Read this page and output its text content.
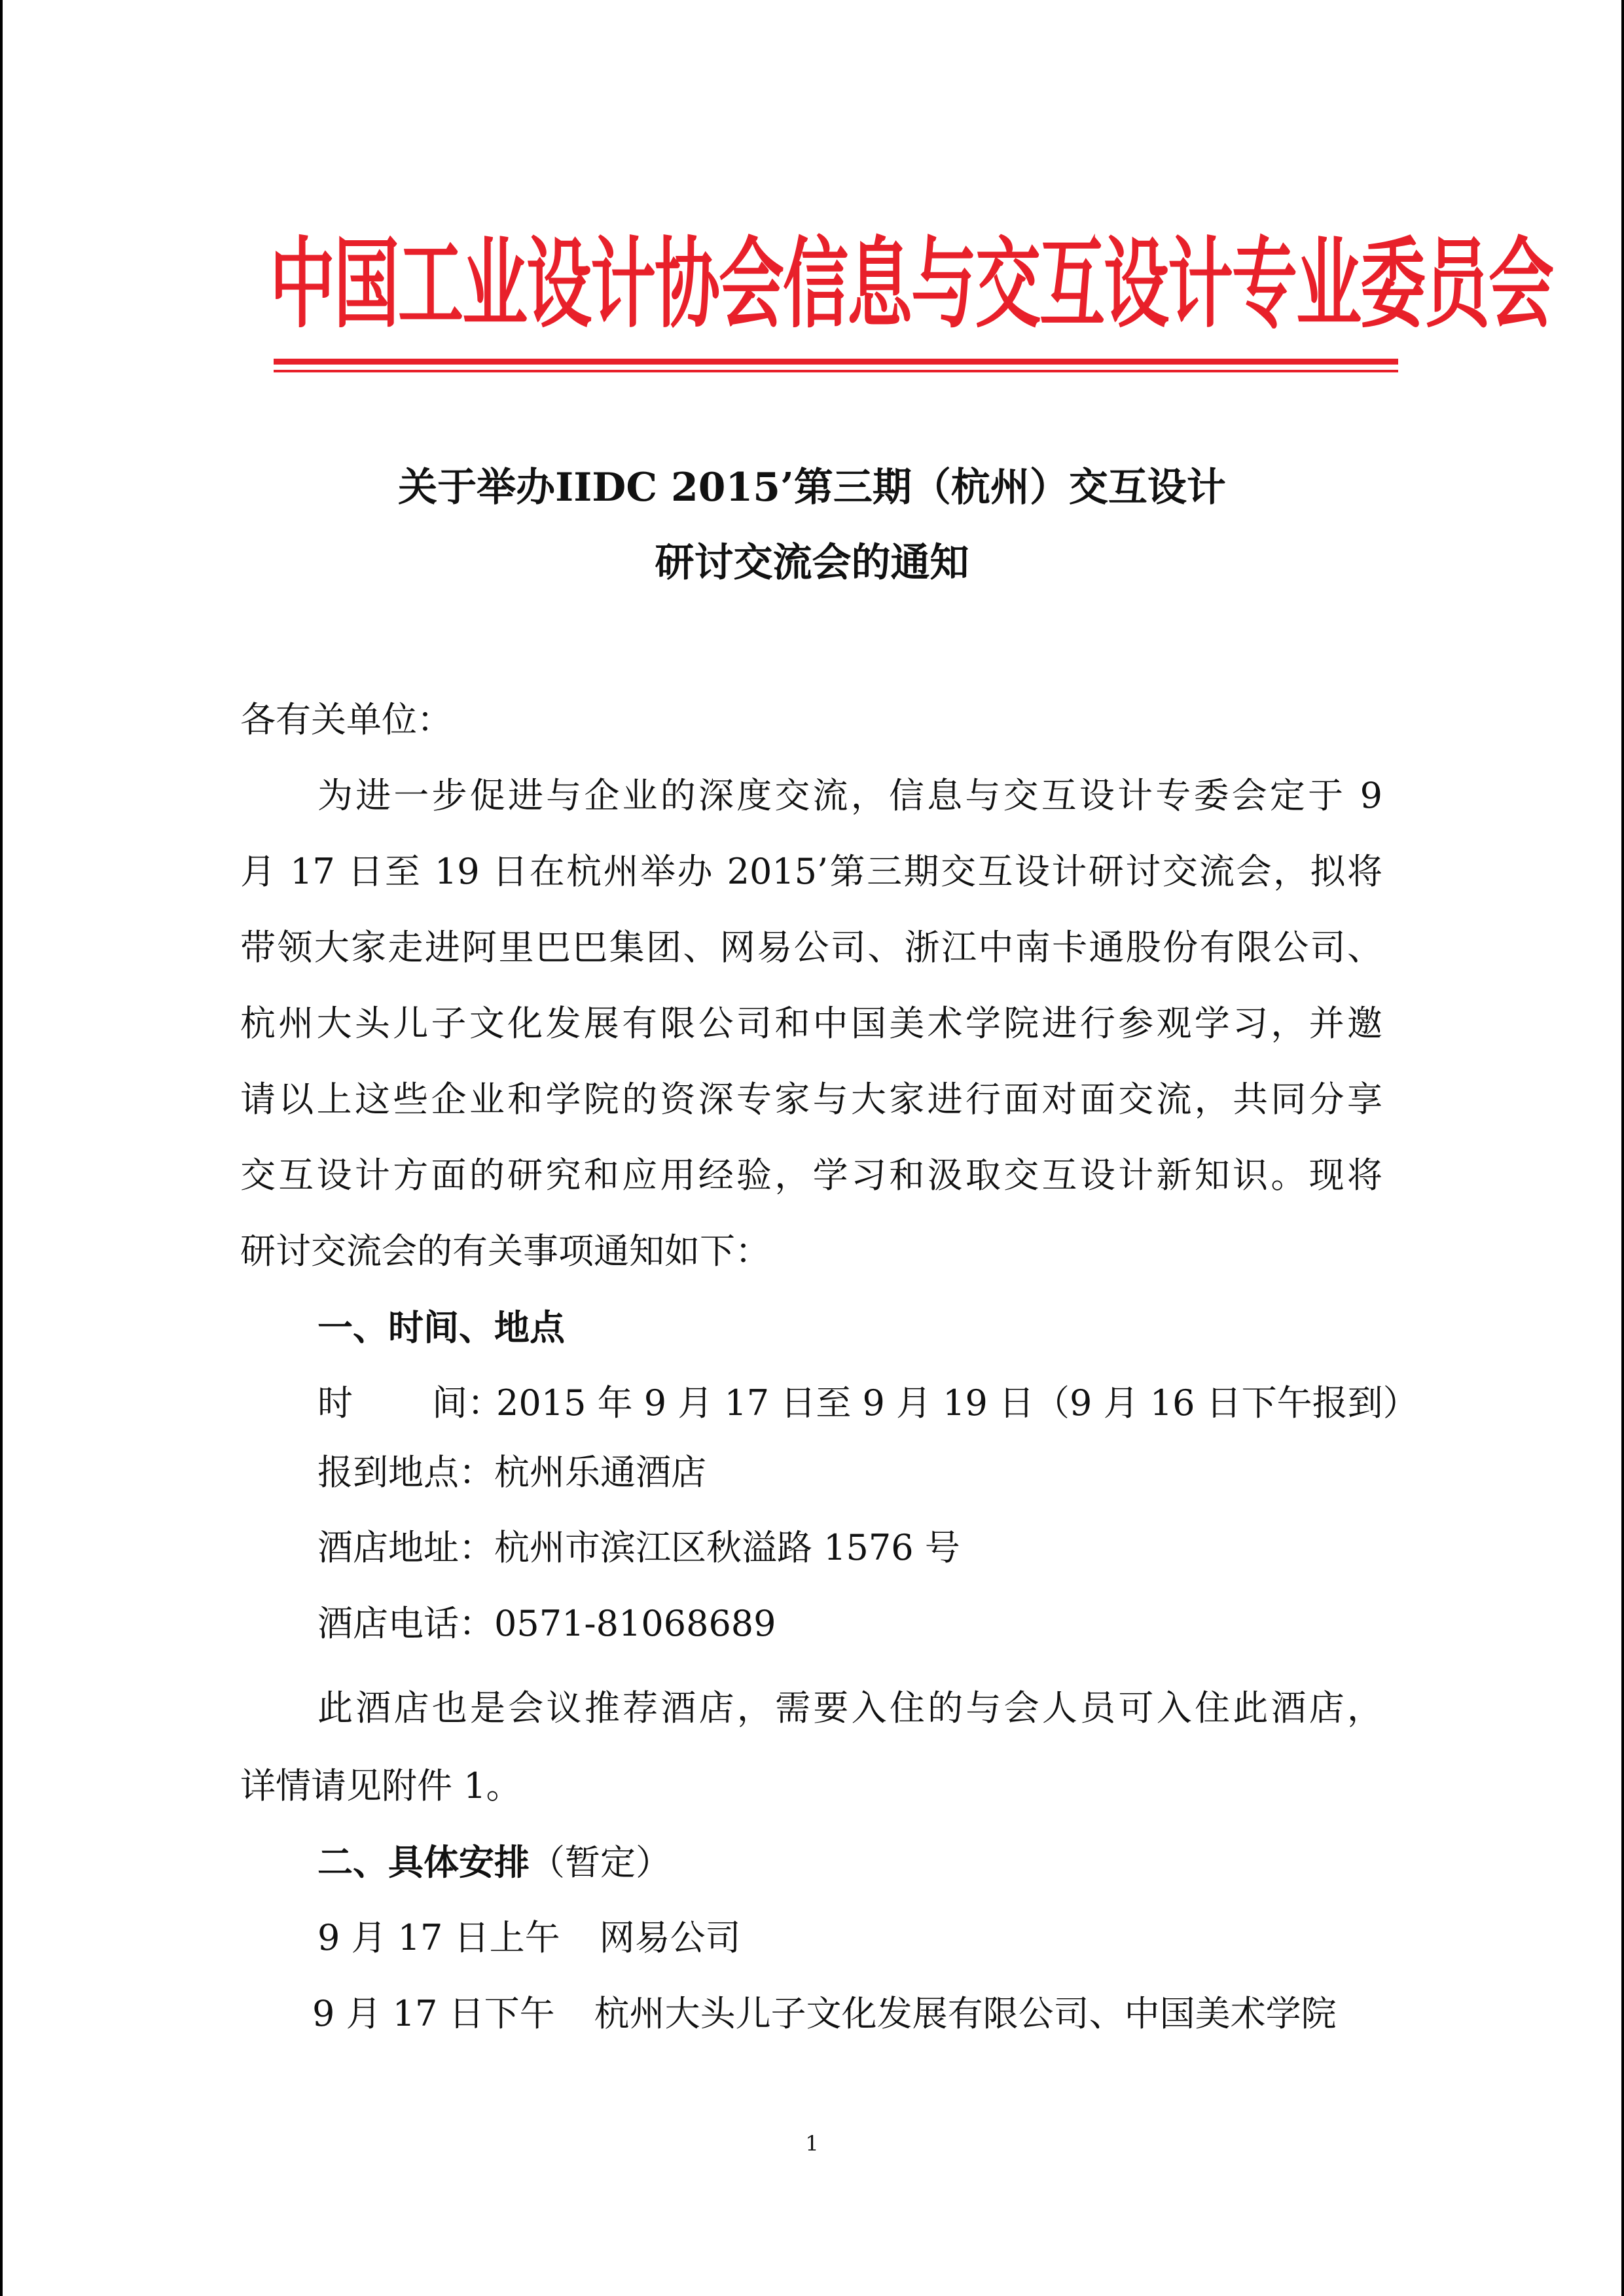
中国工业设计协会信息与交互设计专业委员会
关于举办IIDC 2015’第三期（杭州）交互设计
研讨交流会的通知
各有关单位：
为进一步促进与企业的深度交流，信息与交互设计专委会定于 9
月 17 日至 19 日在杭州举办 2015’第三期交互设计研讨交流会，拟将
带领大家走进阿里巴巴集团、网易公司、浙江中南卡通股份有限公司、
杭州大头儿子文化发展有限公司和中国美术学院进行参观学习，并邀
请以上这些企业和学院的资深专家与大家进行面对面交流，共同分享
交互设计方面的研究和应用经验，学习和汲取交互设计新知识。现将
研讨交流会的有关事项通知如下：
一、时间、地点
时 间：
2015 年 9 月 17 日至 9 月 19 日（9 月 16 日下午报到）
报到地点：杭州乐通酒店
酒店地址：杭州市滨江区秋溢路 1576 号
酒店电话：0571-81068689
此酒店也是会议推荐酒店，需要入住的与会人员可入住此酒店，
详情请见附件 1。
二、具体安排（暂定）
9 月 17 日上午 网易公司
9 月 17 日下午 杭州大头儿子文化发展有限公司、中国美术学院
1
